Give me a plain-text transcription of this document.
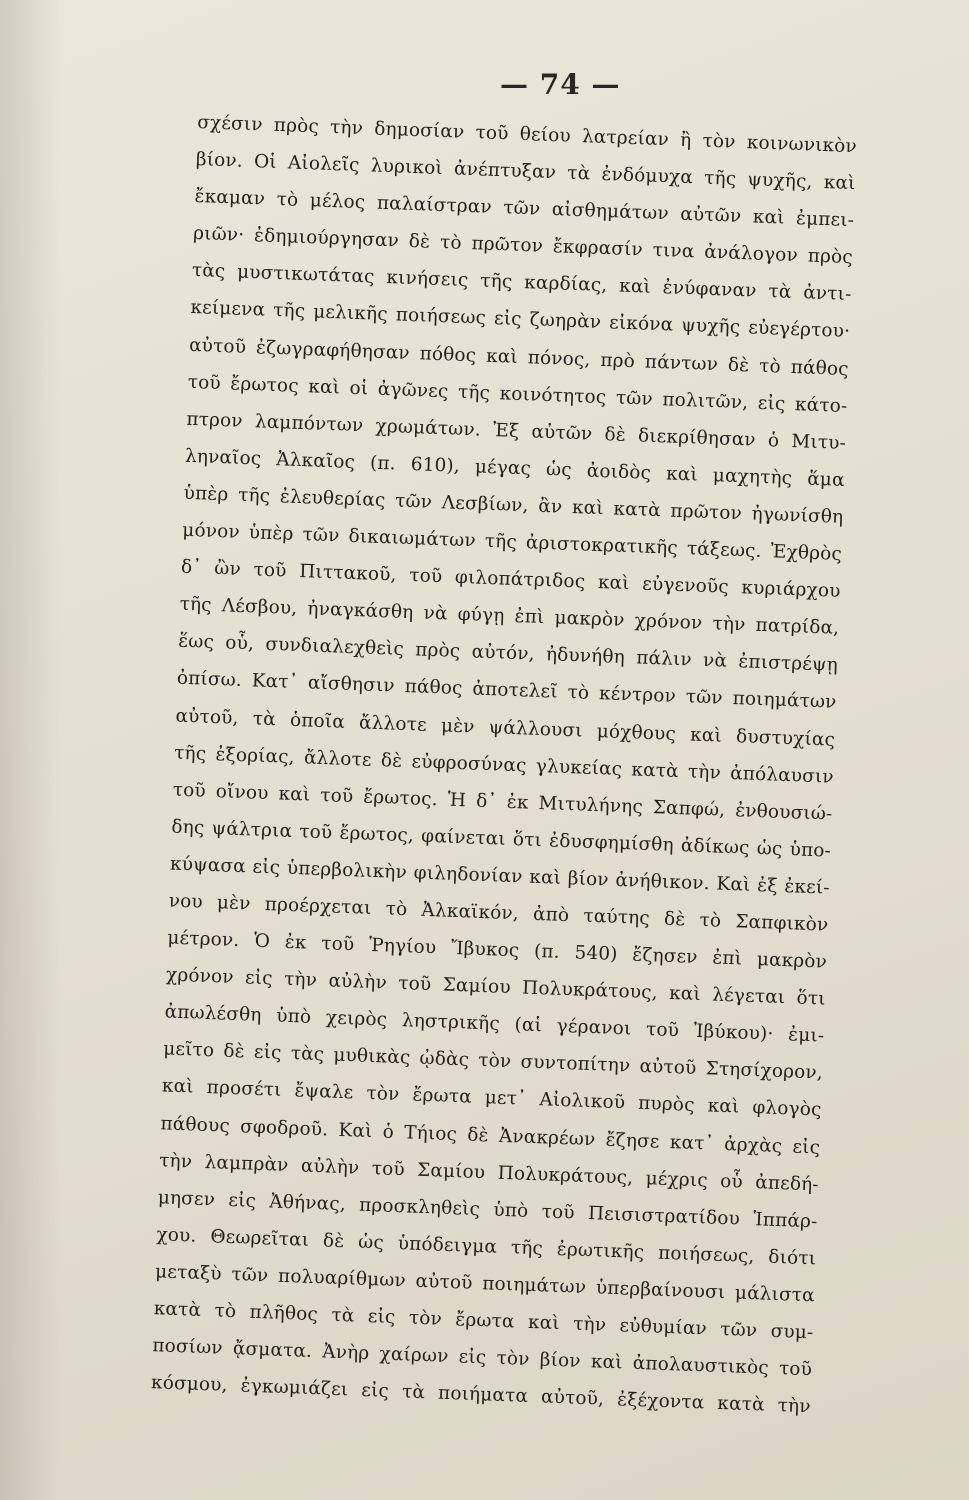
— 74 —
σχέσιν πρὸς τὴν δημοσίαν τοῦ θείου λατρείαν ἢ τὸν κοινωνικὸν
βίον. Οἱ Αἰολεῖς λυρικοὶ ἀνέπτυξαν τὰ ἐνδόμυχα τῆς ψυχῆς, καὶ
ἔκαμαν τὸ μέλος παλαίστραν τῶν αἰσθημάτων αὐτῶν καὶ ἐμπει-
ριῶν· ἐδημιούργησαν δὲ τὸ πρῶτον ἔκφρασίν τινα ἀνάλογον πρὸς
τὰς μυστικωτάτας κινήσεις τῆς καρδίας, καὶ ἐνύφαναν τὰ ἀντι-
κείμενα τῆς μελικῆς ποιήσεως εἰς ζωηρὰν εἰκόνα ψυχῆς εὐεγέρτου·
αὐτοῦ ἐζωγραφήθησαν πόθος καὶ πόνος, πρὸ πάντων δὲ τὸ πάθος
τοῦ ἔρωτος καὶ οἱ ἀγῶνες τῆς κοινότητος τῶν πολιτῶν, εἰς κάτο-
πτρον λαμπόντων χρωμάτων. Ἐξ αὐτῶν δὲ διεκρίθησαν ὁ Μιτυ-
ληναῖος Ἀλκαῖος (π. 610), μέγας ὡς ἀοιδὸς καὶ μαχητὴς ἅμα
ὑπὲρ τῆς ἐλευθερίας τῶν Λεσβίων, ἂν καὶ κατὰ πρῶτον ἠγωνίσθη
μόνον ὑπὲρ τῶν δικαιωμάτων τῆς ἀριστοκρατικῆς τάξεως. Ἐχθρὸς
δ᾽ ὢν τοῦ Πιττακοῦ, τοῦ φιλοπάτριδος καὶ εὐγενοῦς κυριάρχου
τῆς Λέσβου, ἠναγκάσθη νὰ φύγῃ ἐπὶ μακρὸν χρόνον τὴν πατρίδα,
ἕως οὗ, συνδιαλεχθεὶς πρὸς αὐτόν, ἠδυνήθη πάλιν νὰ ἐπιστρέψῃ
ὀπίσω. Κατ᾽ αἴσθησιν πάθος ἀποτελεῖ τὸ κέντρον τῶν ποιημάτων
αὐτοῦ, τὰ ὁποῖα ἄλλοτε μὲν ψάλλουσι μόχθους καὶ δυστυχίας
τῆς ἐξορίας, ἄλλοτε δὲ εὐφροσύνας γλυκείας κατὰ τὴν ἀπόλαυσιν
τοῦ οἴνου καὶ τοῦ ἔρωτος. Ἡ δ᾽ ἐκ Μιτυλήνης Σαπφώ, ἐνθουσιώ-
δης ψάλτρια τοῦ ἔρωτος, φαίνεται ὅτι ἐδυσφημίσθη ἀδίκως ὡς ὑπο-
κύψασα εἰς ὑπερβολικὴν φιληδονίαν καὶ βίον ἀνήθικον. Καὶ ἐξ ἐκεί-
νου μὲν προέρχεται τὸ Ἀλκαϊκόν, ἀπὸ ταύτης δὲ τὸ Σαπφικὸν
μέτρον. Ὁ ἐκ τοῦ Ῥηγίου Ἴβυκος (π. 540) ἔζησεν ἐπὶ μακρὸν
χρόνον εἰς τὴν αὐλὴν τοῦ Σαμίου Πολυκράτους, καὶ λέγεται ὅτι
ἀπωλέσθη ὑπὸ χειρὸς ληστρικῆς (αἱ γέρανοι τοῦ Ἰβύκου)· ἐμι-
μεῖτο δὲ εἰς τὰς μυθικὰς ᾠδὰς τὸν συντοπίτην αὐτοῦ Στησίχορον,
καὶ προσέτι ἔψαλε τὸν ἔρωτα μετ᾽ Αἰολικοῦ πυρὸς καὶ φλογὸς
πάθους σφοδροῦ. Καὶ ὁ Τήιος δὲ Ἀνακρέων ἔζησε κατ᾽ ἀρχὰς εἰς
τὴν λαμπρὰν αὐλὴν τοῦ Σαμίου Πολυκράτους, μέχρις οὗ ἀπεδή-
μησεν εἰς Ἀθήνας, προσκληθεὶς ὑπὸ τοῦ Πεισιστρατίδου Ἱππάρ-
χου. Θεωρεῖται δὲ ὡς ὑπόδειγμα τῆς ἐρωτικῆς ποιήσεως, διότι
μεταξὺ τῶν πολυαρίθμων αὐτοῦ ποιημάτων ὑπερβαίνουσι μάλιστα
κατὰ τὸ πλῆθος τὰ εἰς τὸν ἔρωτα καὶ τὴν εὐθυμίαν τῶν συμ-
ποσίων ᾄσματα. Ἀνὴρ χαίρων εἰς τὸν βίον καὶ ἀπολαυστικὸς τοῦ
κόσμου, ἐγκωμιάζει εἰς τὰ ποιήματα αὐτοῦ, ἐξέχοντα κατὰ τὴν
